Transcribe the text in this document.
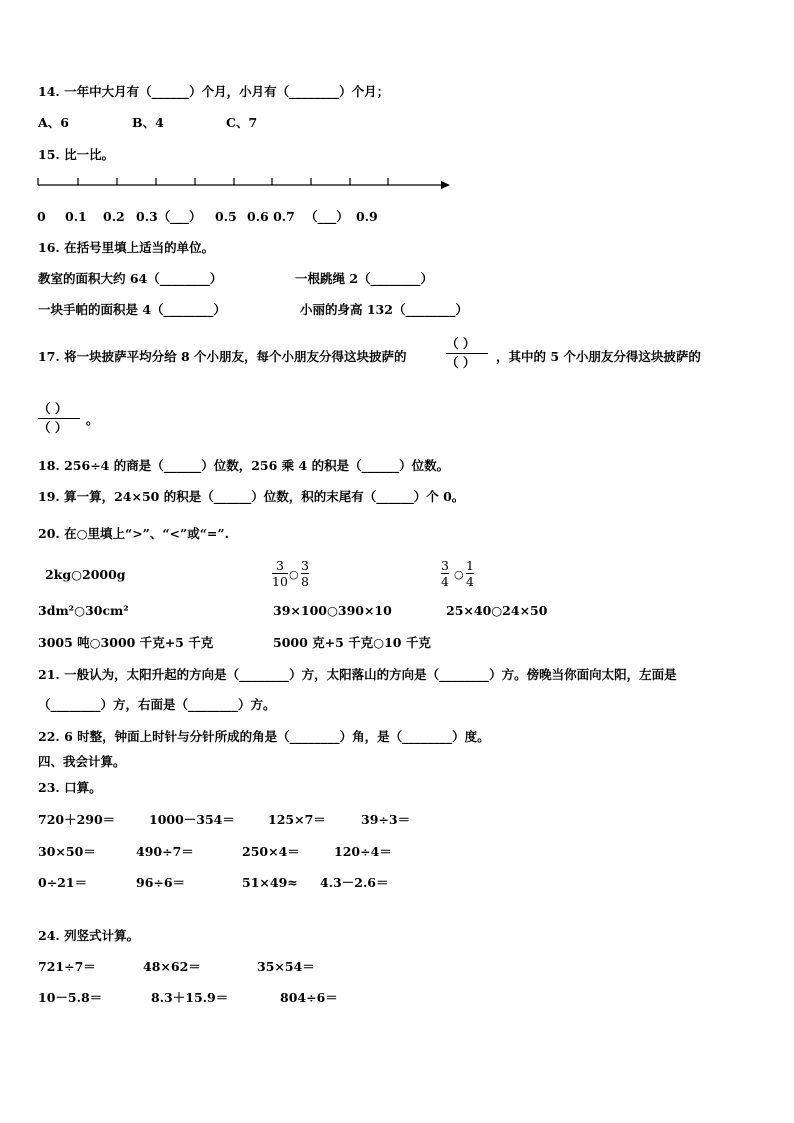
14. 一年中大月有（______）个月，小月有（________）个月；
A、6	B、4	C、7
15. 比一比。
0 0.1 0.2 0.3（___） 0.5 0.6 0.7 （___） 0.9
16. 在括号里填上适当的单位。
教室的面积大约 64（________）	一根跳绳 2（________）
一块手帕的面积是 4（________）	小丽的身高 132（________）
17. 将一块披萨平均分给 8 个小朋友，每个小朋友分得这块披萨的
（ ）
（ ）	，其中的 5 个小朋友分得这块披萨的
（ ）
（ ）
。
18. 256÷4 的商是（______）位数，256 乘 4 的积是（______）位数。
19. 算一算，24×50 的积是（______）位数，积的末尾有（______）个 0。
20. 在○里填上“>”、“<”或“=”.
2kg○2000g	$\frac{3}{10}$ ○ $\frac{3}{8}$	$\frac{3}{4}$ ○ $\frac{1}{4}$
3dm²○30cm²	39×100○390×10	25×40○24×50
3005 吨○3000 千克+5 千克	5000 克+5 千克○10 千克
21. 一般认为，太阳升起的方向是（________）方，太阳落山的方向是（________）方。傍晚当你面向太阳，左面是
（________）方，右面是（________）方。
22. 6 时整，钟面上时针与分针所成的角是（________）角，是（________）度。
四、我会计算。
23. 口算。
720＋290＝	1000－354＝	125×7＝	39÷3＝
30×50＝	490÷7＝	250×4＝	120÷4＝
0÷21＝	96÷6＝	51×49≈ 4.3－2.6＝
24. 列竖式计算。
721÷7＝	48×62＝	35×54＝
10－5.8＝	8.3＋15.9＝	804÷6＝
